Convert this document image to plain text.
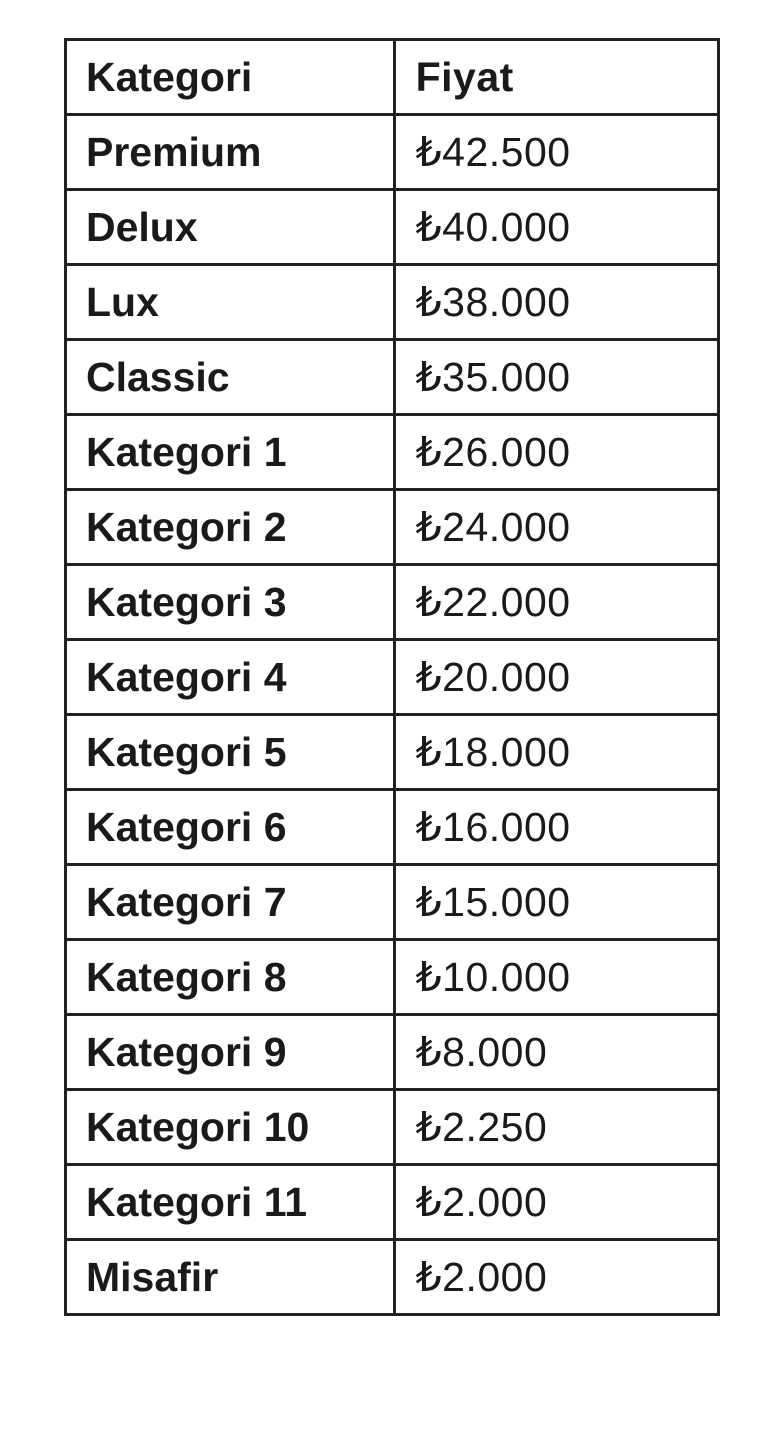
Kategori	Fiyat
Premium	₺42.500
Delux	₺40.000
Lux	₺38.000
Classic	₺35.000
Kategori 1	₺26.000
Kategori 2	₺24.000
Kategori 3	₺22.000
Kategori 4	₺20.000
Kategori 5	₺18.000
Kategori 6	₺16.000
Kategori 7	₺15.000
Kategori 8	₺10.000
Kategori 9	₺8.000
Kategori 10	₺2.250
Kategori 11	₺2.000
Misafir	₺2.000
